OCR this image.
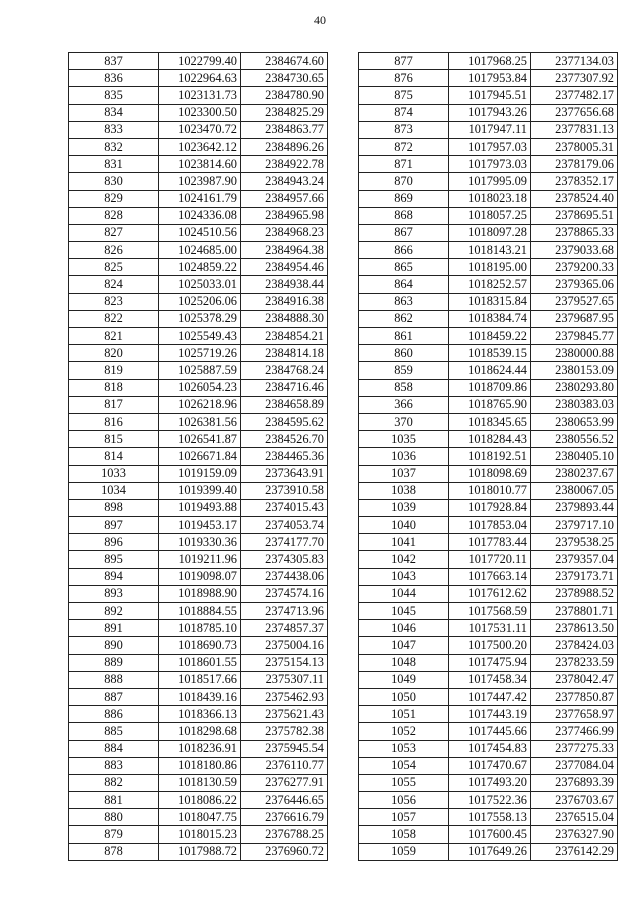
40
837	1022799.40	2384674.60
836	1022964.63	2384730.65
835	1023131.73	2384780.90
834	1023300.50	2384825.29
833	1023470.72	2384863.77
832	1023642.12	2384896.26
831	1023814.60	2384922.78
830	1023987.90	2384943.24
829	1024161.79	2384957.66
828	1024336.08	2384965.98
827	1024510.56	2384968.23
826	1024685.00	2384964.38
825	1024859.22	2384954.46
824	1025033.01	2384938.44
823	1025206.06	2384916.38
822	1025378.29	2384888.30
821	1025549.43	2384854.21
820	1025719.26	2384814.18
819	1025887.59	2384768.24
818	1026054.23	2384716.46
817	1026218.96	2384658.89
816	1026381.56	2384595.62
815	1026541.87	2384526.70
814	1026671.84	2384465.36
1033	1019159.09	2373643.91
1034	1019399.40	2373910.58
898	1019493.88	2374015.43
897	1019453.17	2374053.74
896	1019330.36	2374177.70
895	1019211.96	2374305.83
894	1019098.07	2374438.06
893	1018988.90	2374574.16
892	1018884.55	2374713.96
891	1018785.10	2374857.37
890	1018690.73	2375004.16
889	1018601.55	2375154.13
888	1018517.66	2375307.11
887	1018439.16	2375462.93
886	1018366.13	2375621.43
885	1018298.68	2375782.38
884	1018236.91	2375945.54
883	1018180.86	2376110.77
882	1018130.59	2376277.91
881	1018086.22	2376446.65
880	1018047.75	2376616.79
879	1018015.23	2376788.25
878	1017988.72	2376960.72
877	1017968.25	2377134.03
876	1017953.84	2377307.92
875	1017945.51	2377482.17
874	1017943.26	2377656.68
873	1017947.11	2377831.13
872	1017957.03	2378005.31
871	1017973.03	2378179.06
870	1017995.09	2378352.17
869	1018023.18	2378524.40
868	1018057.25	2378695.51
867	1018097.28	2378865.33
866	1018143.21	2379033.68
865	1018195.00	2379200.33
864	1018252.57	2379365.06
863	1018315.84	2379527.65
862	1018384.74	2379687.95
861	1018459.22	2379845.77
860	1018539.15	2380000.88
859	1018624.44	2380153.09
858	1018709.86	2380293.80
366	1018765.90	2380383.03
370	1018345.65	2380653.99
1035	1018284.43	2380556.52
1036	1018192.51	2380405.10
1037	1018098.69	2380237.67
1038	1018010.77	2380067.05
1039	1017928.84	2379893.44
1040	1017853.04	2379717.10
1041	1017783.44	2379538.25
1042	1017720.11	2379357.04
1043	1017663.14	2379173.71
1044	1017612.62	2378988.52
1045	1017568.59	2378801.71
1046	1017531.11	2378613.50
1047	1017500.20	2378424.03
1048	1017475.94	2378233.59
1049	1017458.34	2378042.47
1050	1017447.42	2377850.87
1051	1017443.19	2377658.97
1052	1017445.66	2377466.99
1053	1017454.83	2377275.33
1054	1017470.67	2377084.04
1055	1017493.20	2376893.39
1056	1017522.36	2376703.67
1057	1017558.13	2376515.04
1058	1017600.45	2376327.90
1059	1017649.26	2376142.29
